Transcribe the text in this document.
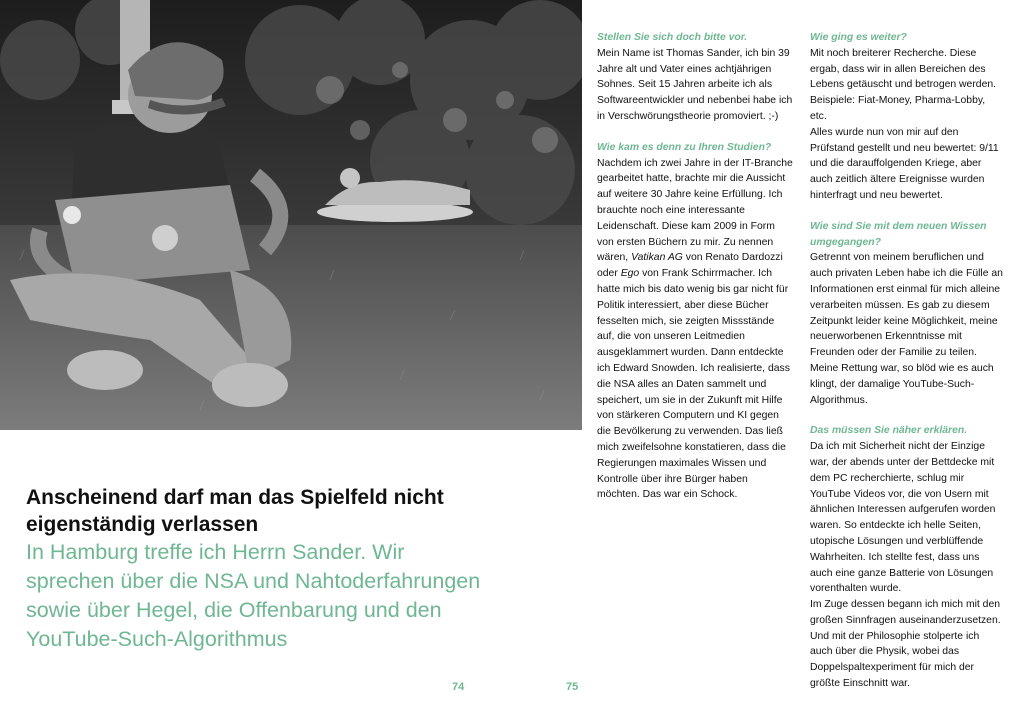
Anscheinend darf man das Spielfeld nicht eigenständig verlassen

In Hamburg treffe ich Herrn Sander. Wir sprechen über die NSA und Nahtoderfahrungen sowie über Hegel, die Offenbarung und den YouTube-Such-Algorithmus

74	75
Stellen Sie sich doch bitte vor.

Mein Name ist Thomas Sander, ich bin 39 Jahre alt und Vater eines achtjährigen Sohnes. Seit 15 Jahren arbeite ich als Softwareentwickler und nebenbei habe ich in Verschwörungstheorie promoviert. ;-)

Wie kam es denn zu Ihren Studien?

Nachdem ich zwei Jahre in der IT-Branche gearbeitet hatte, brachte mir die Aussicht auf weitere 30 Jahre keine Erfüllung. Ich brauchte noch eine interessante Leidenschaft. Diese kam 2009 in Form von ersten Büchern zu mir. Zu nennen wären, Vatikan AG von Renato Dardozzi oder Ego von Frank Schirrmacher. Ich hatte mich bis dato wenig bis gar nicht für Politik interessiert, aber diese Bücher fesselten mich, sie zeigten Missstände auf, die von unseren Leitmedien ausgeklammert wurden. Dann entdeckte ich Edward Snowden. Ich realisierte, dass die NSA alles an Daten sammelt und speichert, um sie in der Zukunft mit Hilfe von stärkeren Computern und KI gegen die Bevölkerung zu verwenden. Das ließ mich zweifelsohne konstatieren, dass die Regierungen maximales Wissen und Kontrolle über ihre Bürger haben möchten. Das war ein Schock.

Wie ging es weiter?

Mit noch breiterer Recherche. Diese ergab, dass wir in allen Bereichen des Lebens getäuscht und betrogen werden. Beispiele: Fiat-Money, Pharma-Lobby, etc.

Alles wurde nun von mir auf den Prüfstand gestellt und neu bewertet: 9/11 und die darauffolgenden Kriege, aber auch zeitlich ältere Ereignisse wurden hinterfragt und neu bewertet.

Wie sind Sie mit dem neuen Wissen umgegangen?

Getrennt von meinem beruflichen und auch privaten Leben habe ich die Fülle an Informationen erst einmal für mich alleine verarbeiten müssen. Es gab zu diesem Zeitpunkt leider keine Möglichkeit, meine neuerworbenen Erkenntnisse mit Freunden oder der Familie zu teilen. Meine Rettung war, so blöd wie es auch klingt, der damalige YouTube-Such-Algorithmus.

Das müssen Sie näher erklären.

Da ich mit Sicherheit nicht der Einzige war, der abends unter der Bettdecke mit dem PC recherchierte, schlug mir YouTube Videos vor, die von Usern mit ähnlichen Interessen aufgerufen worden waren. So entdeckte ich helle Seiten, utopische Lösungen und verblüffende Wahrheiten. Ich stellte fest, dass uns auch eine ganze Batterie von Lösungen vorenthalten wurde.

Im Zuge dessen begann ich mich mit den großen Sinnfragen auseinanderzusetzen. Und mit der Philosophie stolperte ich auch über die Physik, wobei das Doppelspaltexperiment für mich der größte Einschnitt war.
